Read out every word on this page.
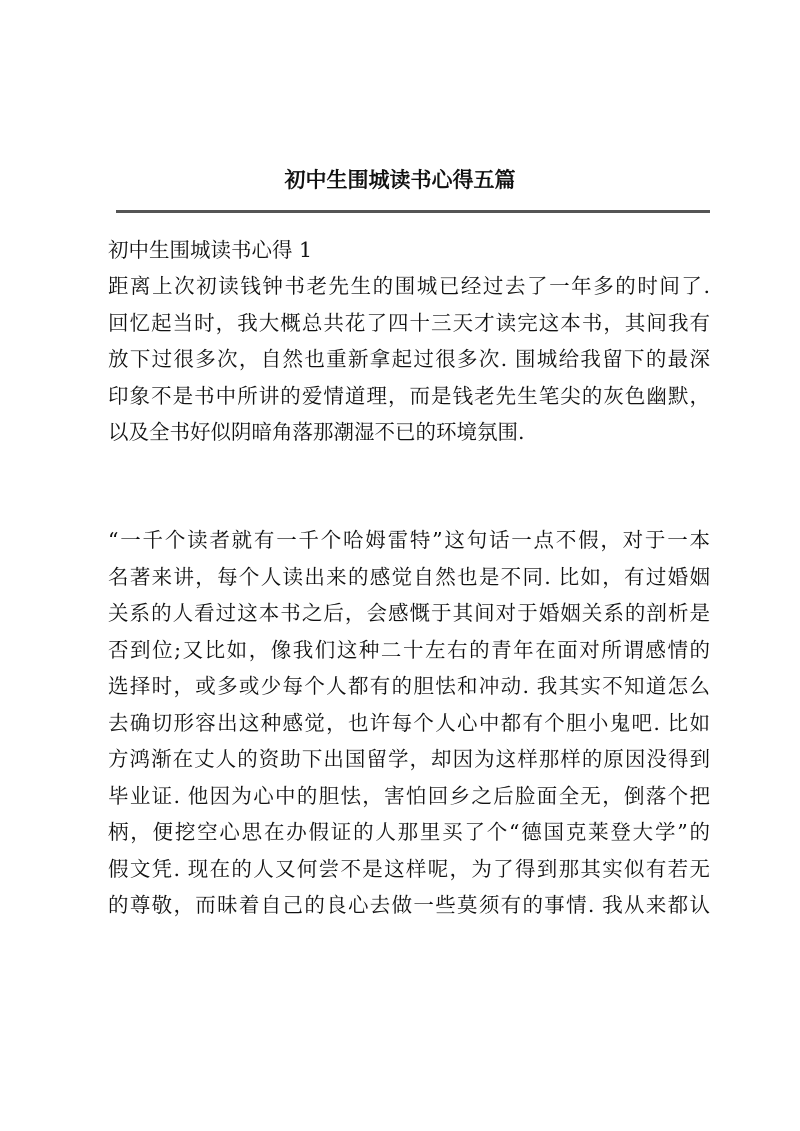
初中生围城读书心得五篇
初中生围城读书心得 1
距离上次初读钱钟书老先生的围城已经过去了一年多的时间了.
回忆起当时，我大概总共花了四十三天才读完这本书，其间我有
放下过很多次，自然也重新拿起过很多次. 围城给我留下的最深
印象不是书中所讲的爱情道理，而是钱老先生笔尖的灰色幽默，
以及全书好似阴暗角落那潮湿不已的环境氛围.
“一千个读者就有一千个哈姆雷特”这句话一点不假，对于一本
名著来讲，每个人读出来的感觉自然也是不同. 比如，有过婚姻
关系的人看过这本书之后，会感慨于其间对于婚姻关系的剖析是
否到位;又比如，像我们这种二十左右的青年在面对所谓感情的
选择时，或多或少每个人都有的胆怯和冲动. 我其实不知道怎么
去确切形容出这种感觉，也许每个人心中都有个胆小鬼吧. 比如
方鸿渐在丈人的资助下出国留学，却因为这样那样的原因没得到
毕业证. 他因为心中的胆怯，害怕回乡之后脸面全无，倒落个把
柄，便挖空心思在办假证的人那里买了个“德国克莱登大学”的
假文凭. 现在的人又何尝不是这样呢，为了得到那其实似有若无
的尊敬，而昧着自己的良心去做一些莫须有的事情. 我从来都认
